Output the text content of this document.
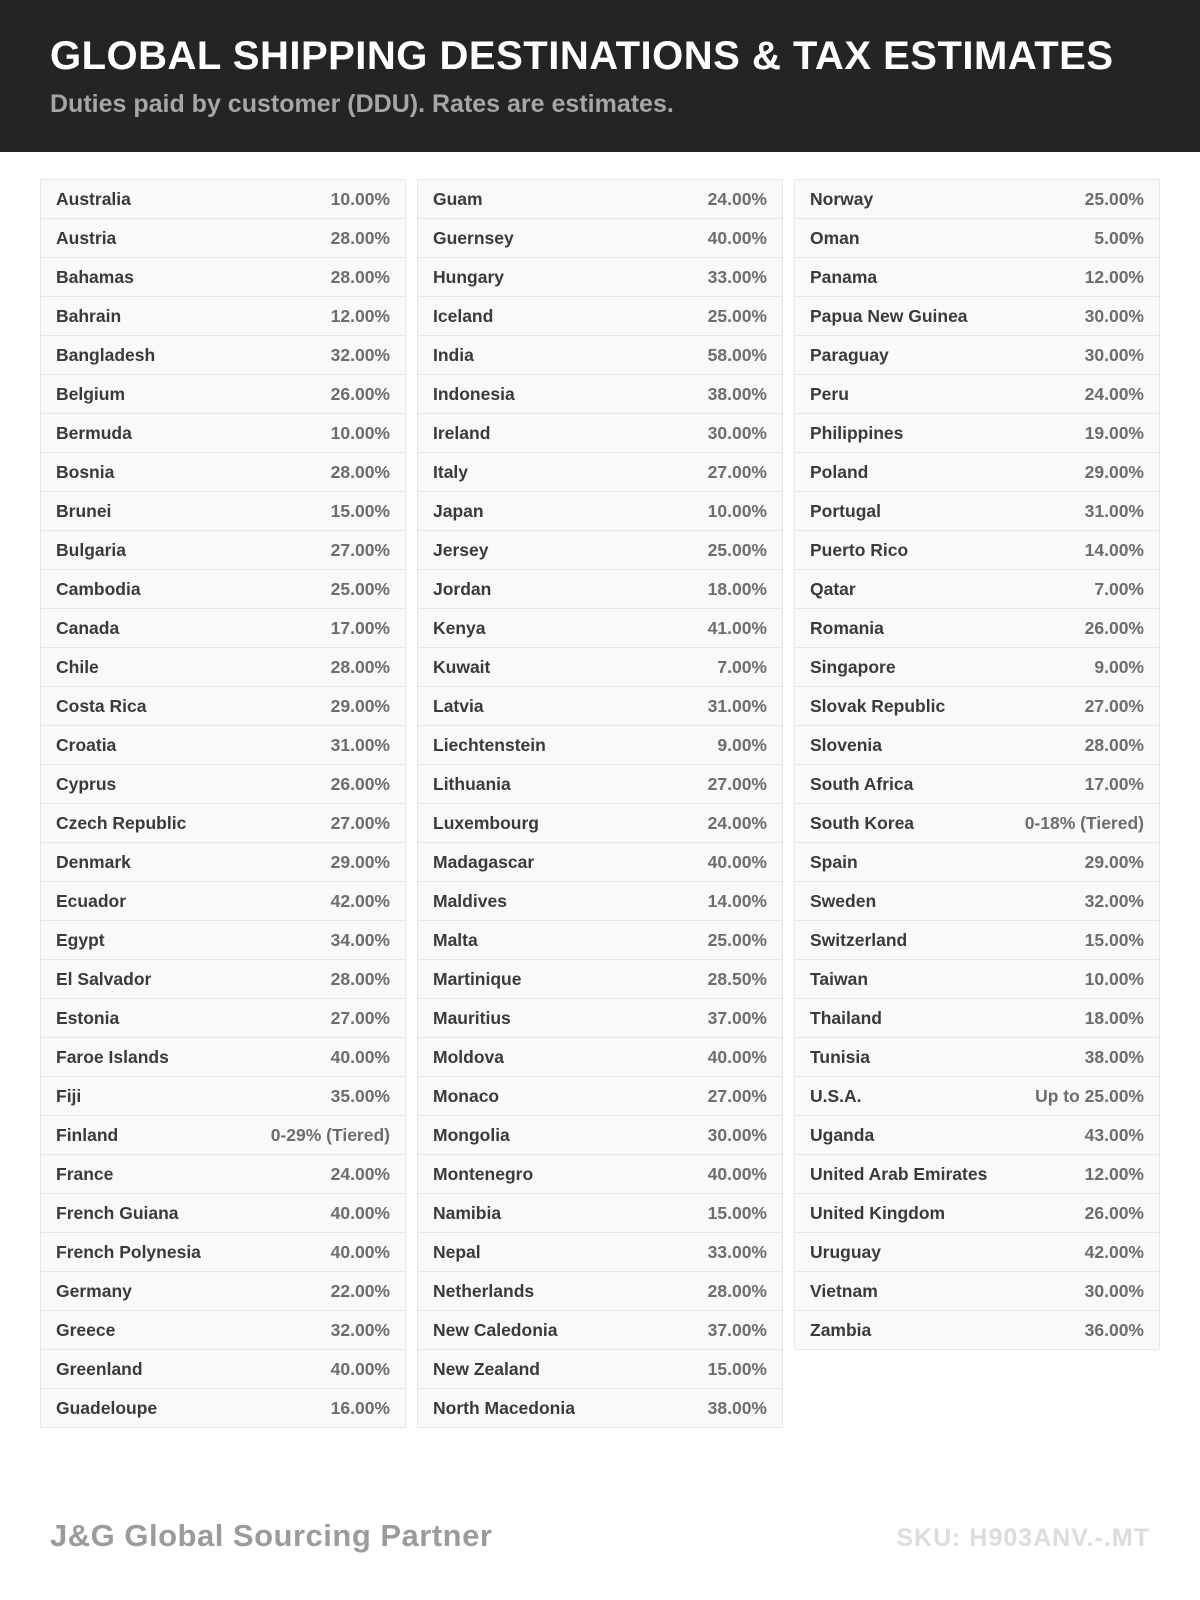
GLOBAL SHIPPING DESTINATIONS & TAX ESTIMATES
Duties paid by customer (DDU). Rates are estimates.
Australia	10.00%
Austria	28.00%
Bahamas	28.00%
Bahrain	12.00%
Bangladesh	32.00%
Belgium	26.00%
Bermuda	10.00%
Bosnia	28.00%
Brunei	15.00%
Bulgaria	27.00%
Cambodia	25.00%
Canada	17.00%
Chile	28.00%
Costa Rica	29.00%
Croatia	31.00%
Cyprus	26.00%
Czech Republic	27.00%
Denmark	29.00%
Ecuador	42.00%
Egypt	34.00%
El Salvador	28.00%
Estonia	27.00%
Faroe Islands	40.00%
Fiji	35.00%
Finland	0-29% (Tiered)
France	24.00%
French Guiana	40.00%
French Polynesia	40.00%
Germany	22.00%
Greece	32.00%
Greenland	40.00%
Guadeloupe	16.00%
Guam	24.00%
Guernsey	40.00%
Hungary	33.00%
Iceland	25.00%
India	58.00%
Indonesia	38.00%
Ireland	30.00%
Italy	27.00%
Japan	10.00%
Jersey	25.00%
Jordan	18.00%
Kenya	41.00%
Kuwait	7.00%
Latvia	31.00%
Liechtenstein	9.00%
Lithuania	27.00%
Luxembourg	24.00%
Madagascar	40.00%
Maldives	14.00%
Malta	25.00%
Martinique	28.50%
Mauritius	37.00%
Moldova	40.00%
Monaco	27.00%
Mongolia	30.00%
Montenegro	40.00%
Namibia	15.00%
Nepal	33.00%
Netherlands	28.00%
New Caledonia	37.00%
New Zealand	15.00%
North Macedonia	38.00%
Norway	25.00%
Oman	5.00%
Panama	12.00%
Papua New Guinea	30.00%
Paraguay	30.00%
Peru	24.00%
Philippines	19.00%
Poland	29.00%
Portugal	31.00%
Puerto Rico	14.00%
Qatar	7.00%
Romania	26.00%
Singapore	9.00%
Slovak Republic	27.00%
Slovenia	28.00%
South Africa	17.00%
South Korea	0-18% (Tiered)
Spain	29.00%
Sweden	32.00%
Switzerland	15.00%
Taiwan	10.00%
Thailand	18.00%
Tunisia	38.00%
U.S.A.	Up to 25.00%
Uganda	43.00%
United Arab Emirates	12.00%
United Kingdom	26.00%
Uruguay	42.00%
Vietnam	30.00%
Zambia	36.00%
J&G Global Sourcing Partner	SKU: H903ANV.-.MT
